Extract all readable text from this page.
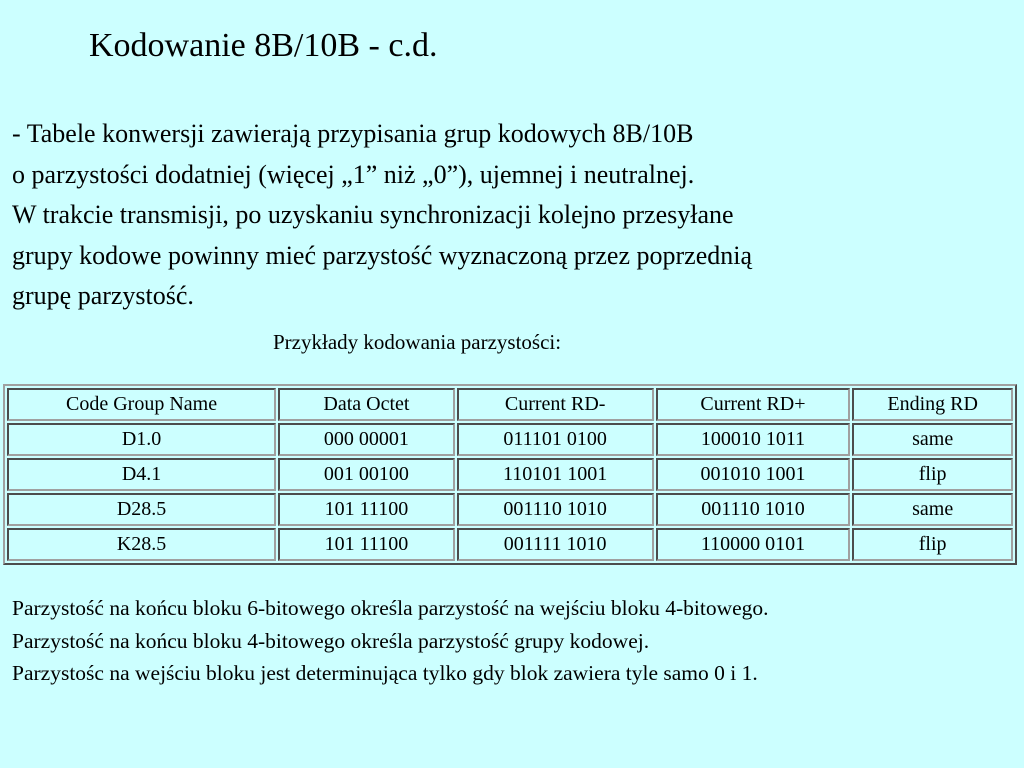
Kodowanie 8B/10B - c.d.
- Tabele konwersji zawierają przypisania grup kodowych 8B/10B
o parzystości dodatniej (więcej „1” niż „0”), ujemnej i neutralnej.
W trakcie transmisji, po uzyskaniu synchronizacji kolejno przesyłane
grupy kodowe powinny mieć parzystość wyznaczoną przez poprzednią
grupę parzystość.
Przykłady kodowania parzystości:
Code Group Name	Data Octet	Current RD-	Current RD+	Ending RD
D1.0	000 00001	011101 0100	100010 1011	same
D4.1	001 00100	110101 1001	001010 1001	flip
D28.5	101 11100	001110 1010	001110 1010	same
K28.5	101 11100	001111 1010	110000 0101	flip
Parzystość na końcu bloku 6-bitowego określa parzystość na wejściu bloku 4-bitowego.
Parzystość na końcu bloku 4-bitowego określa parzystość grupy kodowej.
Parzystośc na wejściu bloku jest determinująca tylko gdy blok zawiera tyle samo 0 i 1.
